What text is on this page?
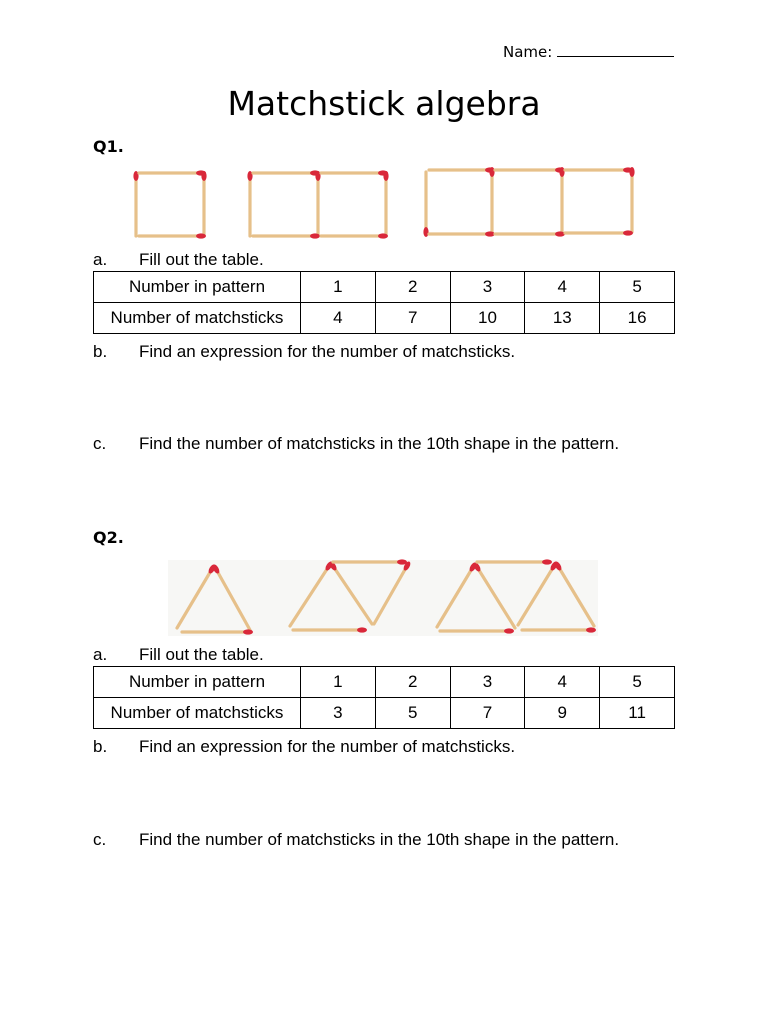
Name:
Matchstick algebra
Q1.
a. Fill out the table.
Number in pattern	1	2	3	4	5
Number of matchsticks	4	7	10	13	16
b. Find an expression for the number of matchsticks.
c. Find the number of matchsticks in the 10th shape in the pattern.
Q2.
a. Fill out the table.
Number in pattern	1	2	3	4	5
Number of matchsticks	3	5	7	9	11
b. Find an expression for the number of matchsticks.
c. Find the number of matchsticks in the 10th shape in the pattern.
